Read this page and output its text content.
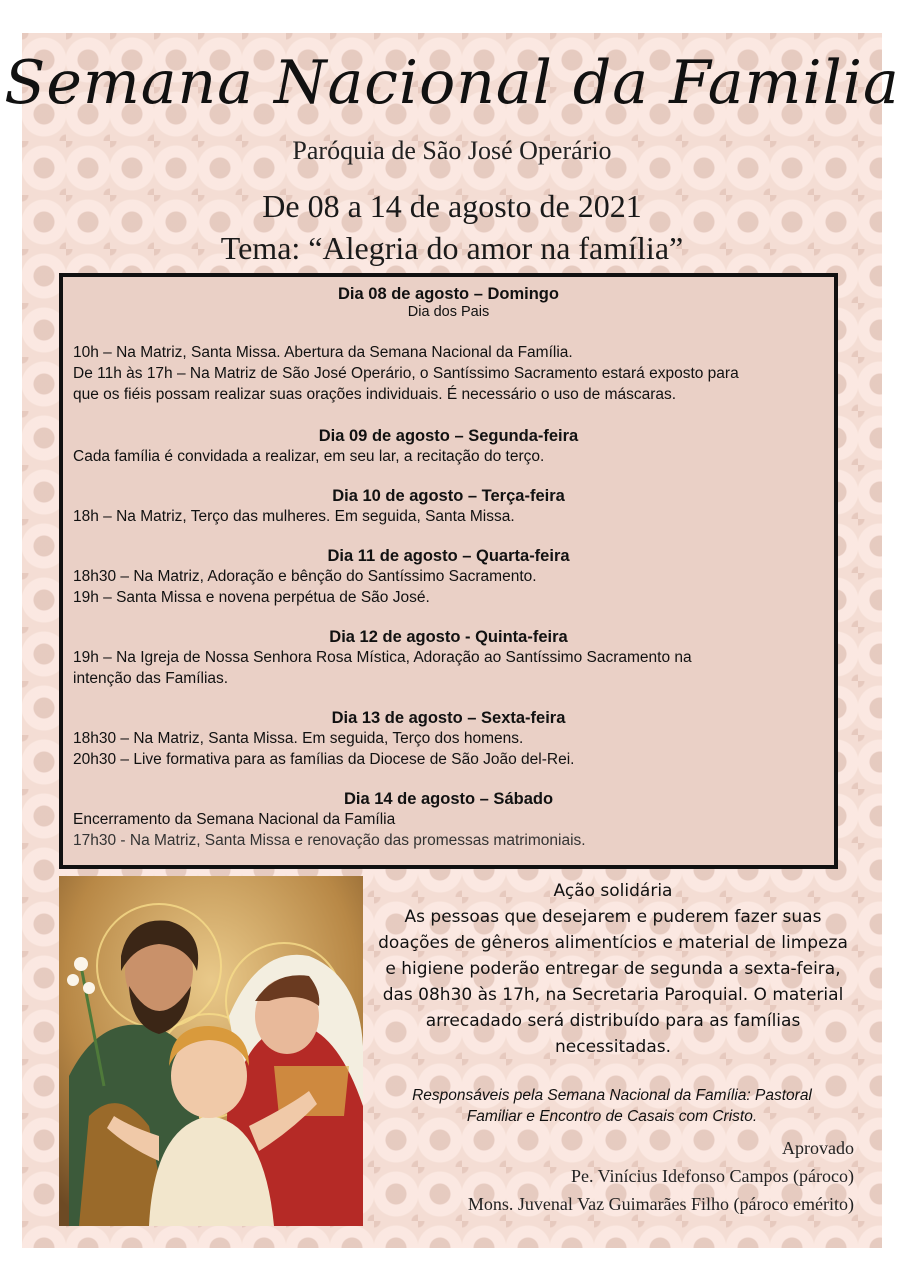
Semana Nacional da Familia
Paróquia de São José Operário
De 08 a 14 de agosto de 2021
Tema: “Alegria do amor na família”
Dia 08 de agosto – Domingo
Dia dos Pais
10h – Na Matriz, Santa Missa. Abertura da Semana Nacional da Família.
De 11h às 17h – Na Matriz de São José Operário, o Santíssimo Sacramento estará exposto para
que os fiéis possam realizar suas orações individuais. É necessário o uso de máscaras.
Dia 09 de agosto – Segunda-feira
Cada família é convidada a realizar, em seu lar, a recitação do terço.
Dia 10 de agosto – Terça-feira
18h – Na Matriz, Terço das mulheres. Em seguida, Santa Missa.
Dia 11 de agosto – Quarta-feira
18h30 – Na Matriz, Adoração e bênção do Santíssimo Sacramento.
19h – Santa Missa e novena perpétua de São José.
Dia 12 de agosto - Quinta-feira
19h – Na Igreja de Nossa Senhora Rosa Mística, Adoração ao Santíssimo Sacramento na
intenção das Famílias.
Dia 13 de agosto – Sexta-feira
18h30 – Na Matriz, Santa Missa. Em seguida, Terço dos homens.
20h30 – Live formativa para as famílias da Diocese de São João del-Rei.
Dia 14 de agosto – Sábado
Encerramento da Semana Nacional da Família
17h30 - Na Matriz, Santa Missa e renovação das promessas matrimoniais.
Ação solidária
As pessoas que desejarem e puderem fazer suas
doações de gêneros alimentícios e material de limpeza
e higiene poderão entregar de segunda a sexta-feira,
das 08h30 às 17h, na Secretaria Paroquial. O material
arrecadado será distribuído para as famílias
necessitadas.
Responsáveis pela Semana Nacional da Família: Pastoral
Familiar e Encontro de Casais com Cristo.
Aprovado
Pe. Vinícius Idefonso Campos (pároco)
Mons. Juvenal Vaz Guimarães Filho (pároco emérito)
